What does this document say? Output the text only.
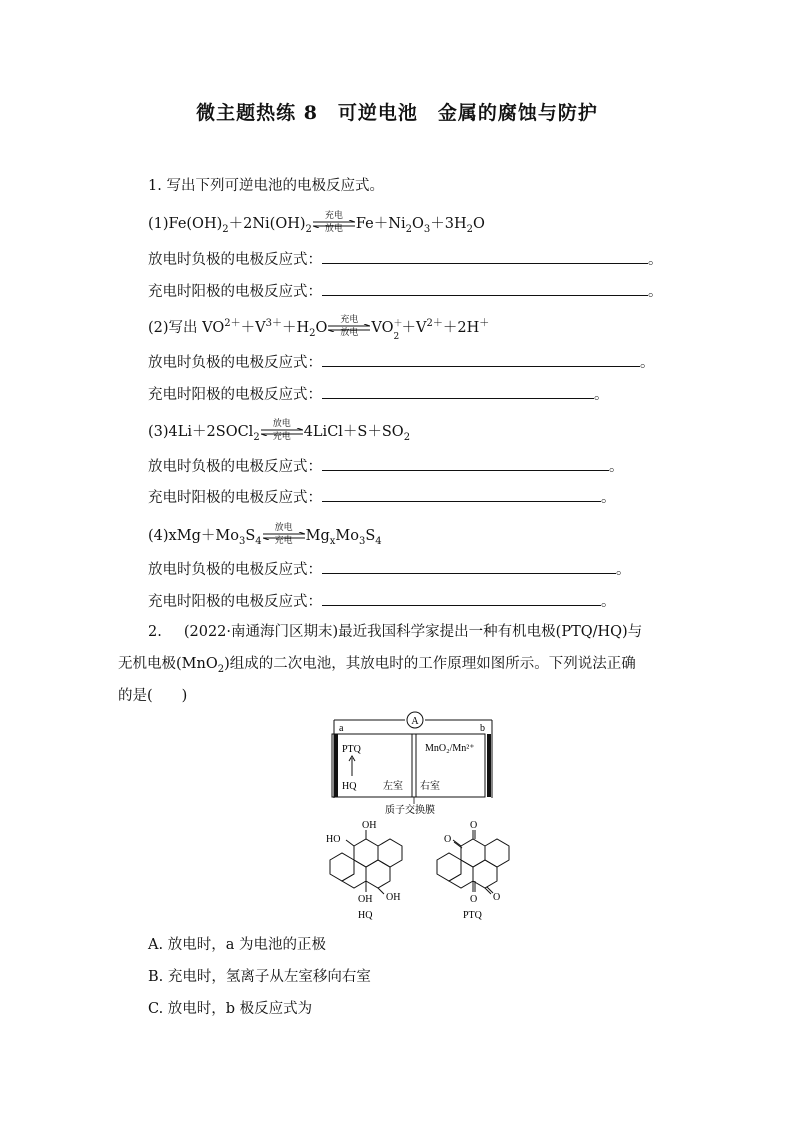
微主题热练 8　可逆电池　金属的腐蚀与防护
1. 写出下列可逆电池的电极反应式。
$(1)Fe(OH)_2+2Ni(OH)_2$
充电
放电 $Fe+Ni_2O_3+3H_2O$
放电时负极的电极反应式：	。
充电时阳极的电极反应式：	。
(2)写出 $VO^{2+}+V^{3+}+H_2O$	充电
放电 VO ＋
2
$+V^{2+}+2H^+$
放电时负极的电极反应式：	。
充电时阳极的电极反应式：	。
(3)4Li＋2SOCl$_2$
放电
充电 $4LiCl+S+SO_2$
放电时负极的电极反应式：	。
充电时阳极的电极反应式：	。
$(4)xMg+Mo_3S_4$
放电
充电 $Mg_xMo_3S_4$
放电时负极的电极反应式：	。
充电时阳极的电极反应式：	。
2. (2022·南通海门区期末)最近我国科学家提出一种有机电极(PTQ/HQ)与
无机电极(MnO$_2$)组成的二次电池，其放电时的工作原理如图所示。下列说法正确
的是(　　)
A
a	b
PTQ
HQ	左室 右室
MnO₂/Mn²⁺
质子交换膜
OH
HO
OH
OH
HQ
O
O
O
O
PTQ
A. 放电时，a 为电池的正极
B. 充电时，氢离子从左室移向右室
C. 放电时，b 极反应式为
